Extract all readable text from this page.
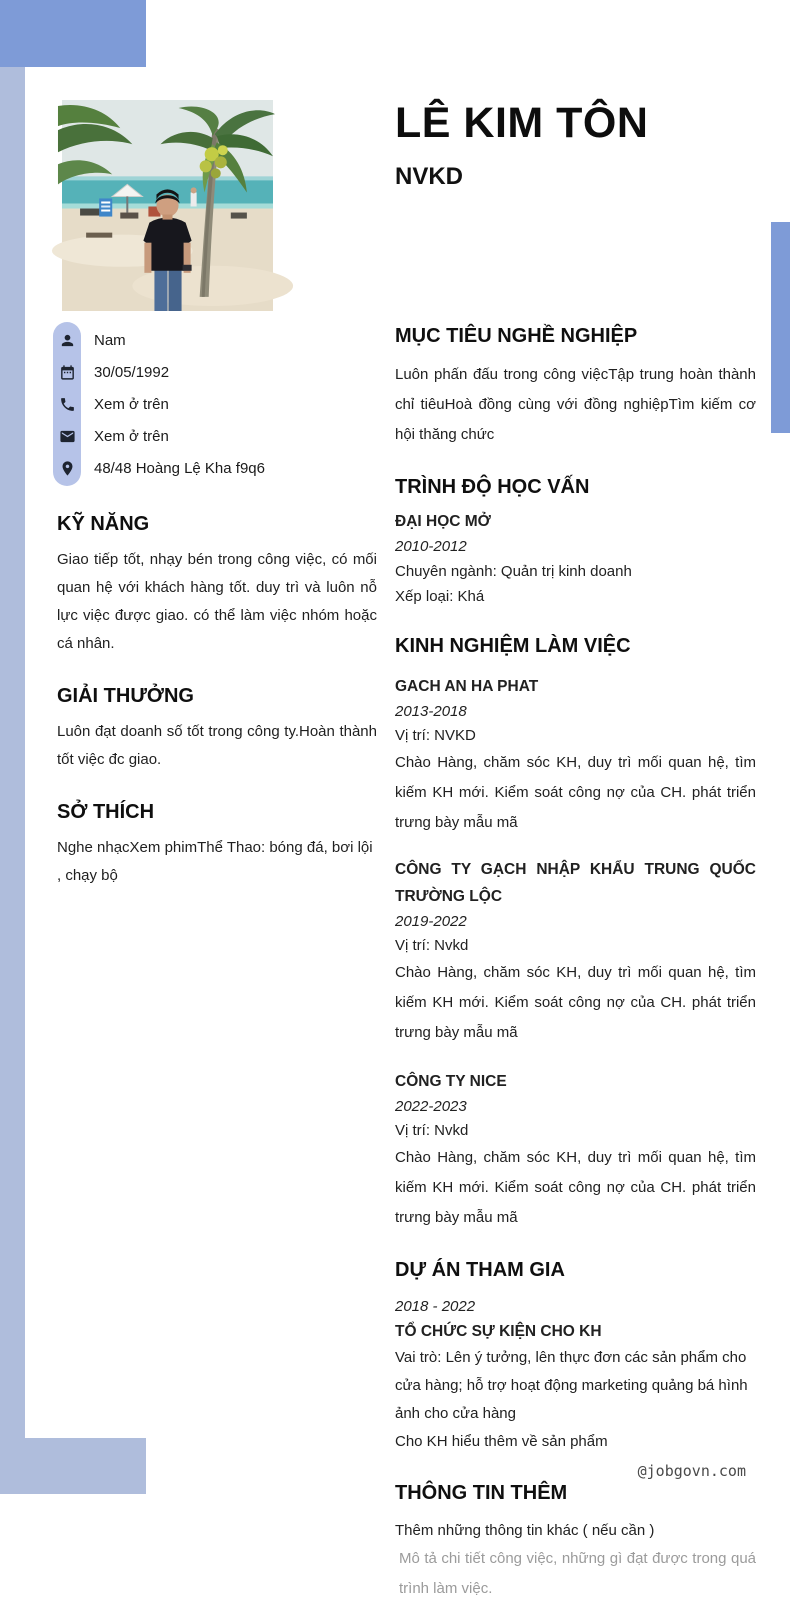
LÊ KIM TÔN
NVKD
Nam
30/05/1992
Xem ở trên
Xem ở trên
48/48 Hoàng Lệ Kha f9q6
KỸ NĂNG

Giao tiếp tốt, nhạy bén trong công việc, có mối quan hệ với khách hàng tốt. duy trì và luôn nỗ lực việc được giao. có thể làm việc nhóm hoặc cá nhân.

GIẢI THƯỞNG

Luôn đạt doanh số tốt trong công ty.Hoàn thành tốt việc đc giao.

SỞ THÍCH

Nghe nhạcXem phimThể Thao: bóng đá, bơi lội , chạy bộ

MỤC TIÊU NGHỀ NGHIỆP

Luôn phấn đấu trong công việcTập trung hoàn thành chỉ tiêuHoà đồng cùng với đồng nghiệpTìm kiếm cơ hội thăng chức

TRÌNH ĐỘ HỌC VẤN
ĐẠI HỌC MỞ
2010-2012
Chuyên ngành: Quản trị kinh doanh
Xếp loại: Khá
KINH NGHIỆM LÀM VIỆC
GACH AN HA PHAT
2013-2018
Vị trí: NVKD
Chào Hàng, chăm sóc KH, duy trì mối quan hệ, tìm kiếm KH mới. Kiểm soát công nợ của CH. phát triển trưng bày mẫu mã
CÔNG TY GẠCH NHẬP KHẨU TRUNG QUỐC TRƯỜNG LỘC
2019-2022
Vị trí: Nvkd
Chào Hàng, chăm sóc KH, duy trì mối quan hệ, tìm kiếm KH mới. Kiểm soát công nợ của CH. phát triển trưng bày mẫu mã
CÔNG TY NICE
2022-2023
Vị trí: Nvkd
Chào Hàng, chăm sóc KH, duy trì mối quan hệ, tìm kiếm KH mới. Kiểm soát công nợ của CH. phát triển trưng bày mẫu mã
DỰ ÁN THAM GIA
2018 - 2022
TỔ CHỨC SỰ KIỆN CHO KH
Vai trò: Lên ý tưởng, lên thực đơn các sản phẩm cho cửa hàng; hỗ trợ hoạt động marketing quảng bá hình ảnh cho cửa hàng
Cho KH hiểu thêm về sản phẩm
THÔNG TIN THÊM
Thêm những thông tin khác ( nếu cần )
Mô tả chi tiết công việc, những gì đạt được trong quá trình làm việc.
@jobgovn.com
